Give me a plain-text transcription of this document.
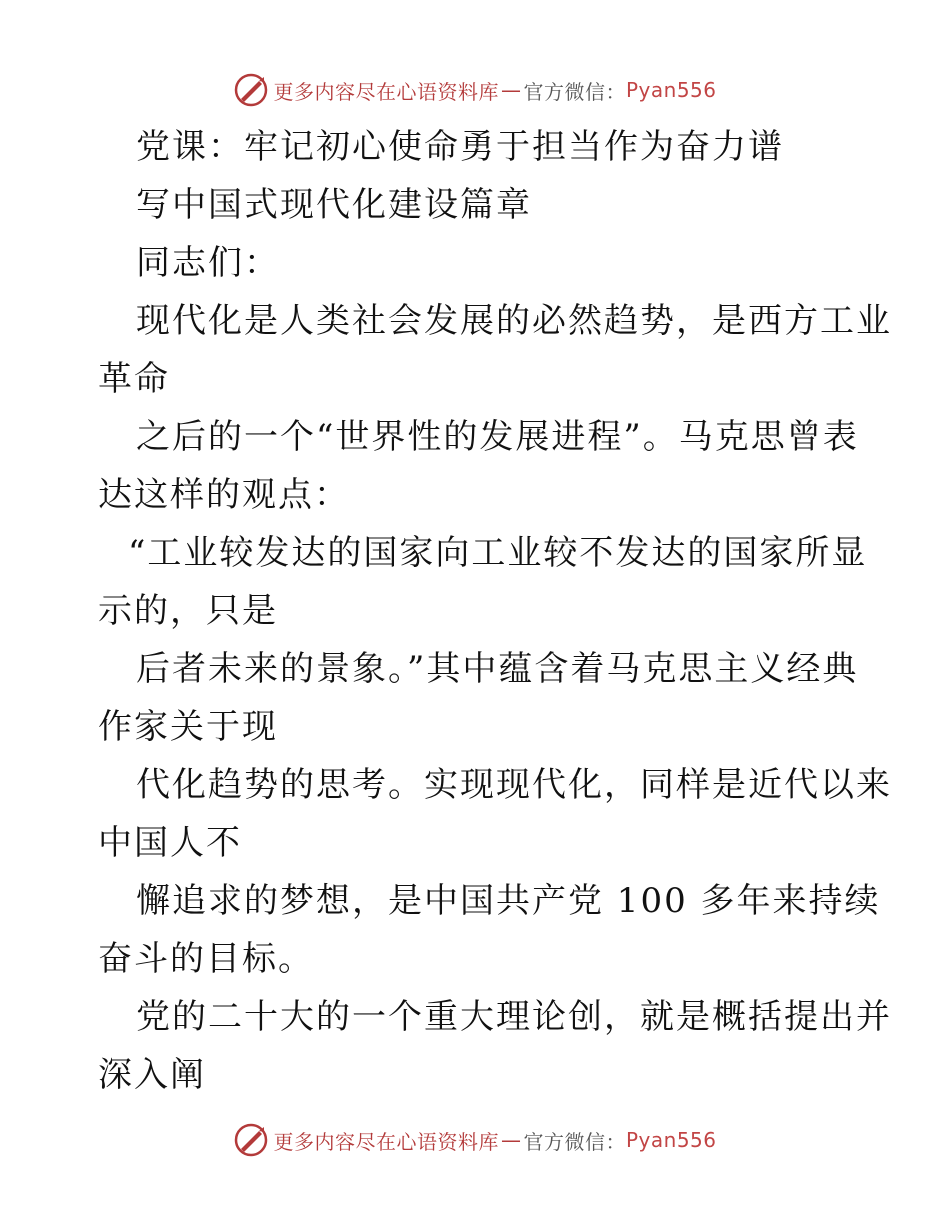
更多内容尽在心语资料库 — 官方微信： Pyan556
党课：牢记初心使命勇于担当作为奋力谱
写中国式现代化建设篇章
同志们：
现代化是人类社会发展的必然趋势，是西方工业
革命
之后的一个“世界性的发展进程”。马克思曾表
达这样的观点：
“工业较发达的国家向工业较不发达的国家所显
示的，只是
后者未来的景象。”其中蕴含着马克思主义经典
作家关于现
代化趋势的思考。实现现代化，同样是近代以来
中国人不
懈追求的梦想，是中国共产党 100 多年来持续
奋斗的目标。
党的二十大的一个重大理论创，就是概括提出并
深入阐
更多内容尽在心语资料库 — 官方微信： Pyan556
